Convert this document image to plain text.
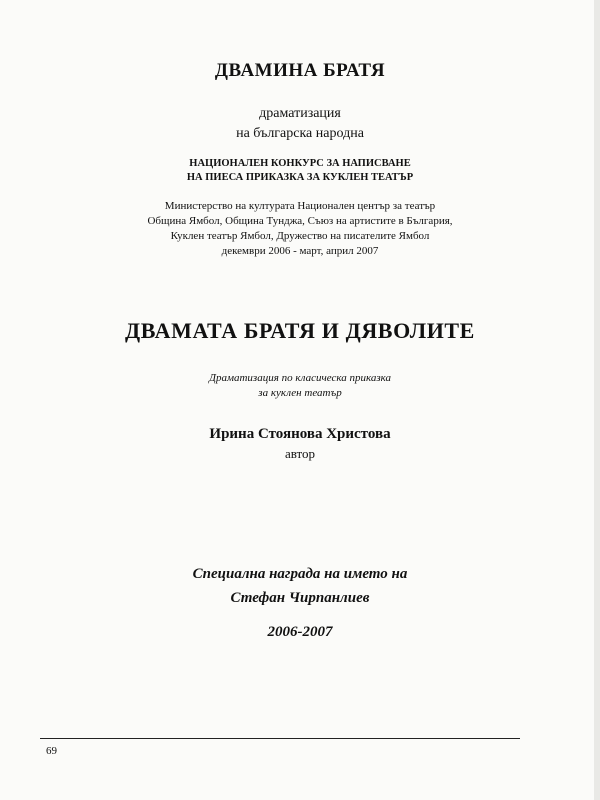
ДВАМИНА БРАТЯ
драматизация
на българска народна
НАЦИОНАЛЕН КОНКУРС ЗА НАПИСВАНЕ
НА ПИЕСА ПРИКАЗКА ЗА КУКЛЕН ТЕАТЪР
Министерство на културата Национален център за театър
Община Ямбол, Община Тунджа, Съюз на артистите в България,
Куклен театър Ямбол, Дружество на писателите Ямбол
декември 2006 - март, април 2007
ДВАМАТА БРАТЯ И ДЯВОЛИТЕ
Драматизация по класическа приказка
за куклен театър
Ирина Стоянова Христова
автор
Специална награда на името на
Стефан Чирпанлиев
2006-2007
69
